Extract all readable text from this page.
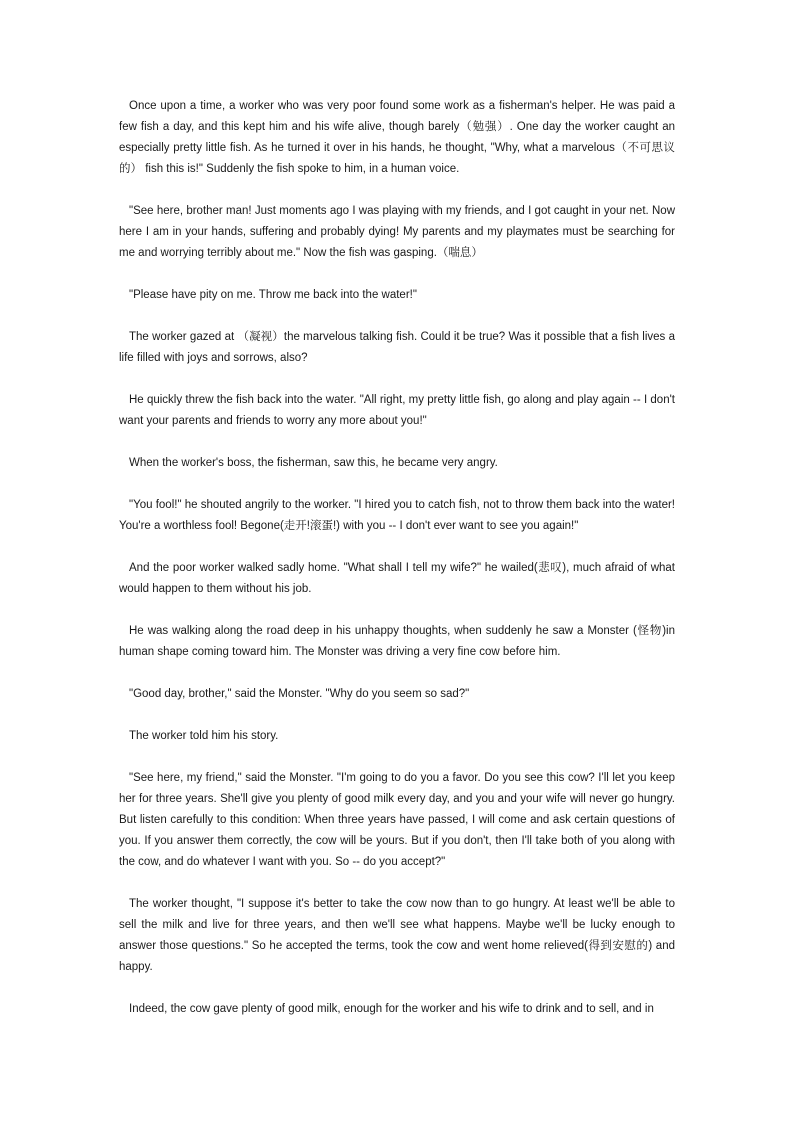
Once upon a time, a worker who was very poor found some work as a fisherman's helper. He was paid a few fish a day, and this kept him and his wife alive, though barely（勉强）. One day the worker caught an especially pretty little fish. As he turned it over in his hands, he thought, "Why, what a marvelous（不可思议的） fish this is!" Suddenly the fish spoke to him, in a human voice.

"See here, brother man! Just moments ago I was playing with my friends, and I got caught in your net. Now here I am in your hands, suffering and probably dying! My parents and my playmates must be searching for me and worrying terribly about me." Now the fish was gasping.（喘息）

"Please have pity on me. Throw me back into the water!"

The worker gazed at （凝视）the marvelous talking fish. Could it be true? Was it possible that a fish lives a life filled with joys and sorrows, also?

He quickly threw the fish back into the water. "All right, my pretty little fish, go along and play again -- I don't want your parents and friends to worry any more about you!"

When the worker's boss, the fisherman, saw this, he became very angry.

"You fool!" he shouted angrily to the worker. "I hired you to catch fish, not to throw them back into the water! You're a worthless fool! Begone(走开!滚蛋!) with you -- I don't ever want to see you again!"

And the poor worker walked sadly home. "What shall I tell my wife?" he wailed(悲叹), much afraid of what would happen to them without his job.

He was walking along the road deep in his unhappy thoughts, when suddenly he saw a Monster (怪物)in human shape coming toward him. The Monster was driving a very fine cow before him.

"Good day, brother," said the Monster. "Why do you seem so sad?"

The worker told him his story.

"See here, my friend," said the Monster. "I'm going to do you a favor. Do you see this cow? I'll let you keep her for three years. She'll give you plenty of good milk every day, and you and your wife will never go hungry. But listen carefully to this condition: When three years have passed, I will come and ask certain questions of you. If you answer them correctly, the cow will be yours. But if you don't, then I'll take both of you along with the cow, and do whatever I want with you. So -- do you accept?"

The worker thought, "I suppose it's better to take the cow now than to go hungry. At least we'll be able to sell the milk and live for three years, and then we'll see what happens. Maybe we'll be lucky enough to answer those questions." So he accepted the terms, took the cow and went home relieved(得到安慰的) and happy.

Indeed, the cow gave plenty of good milk, enough for the worker and his wife to drink and to sell, and in
